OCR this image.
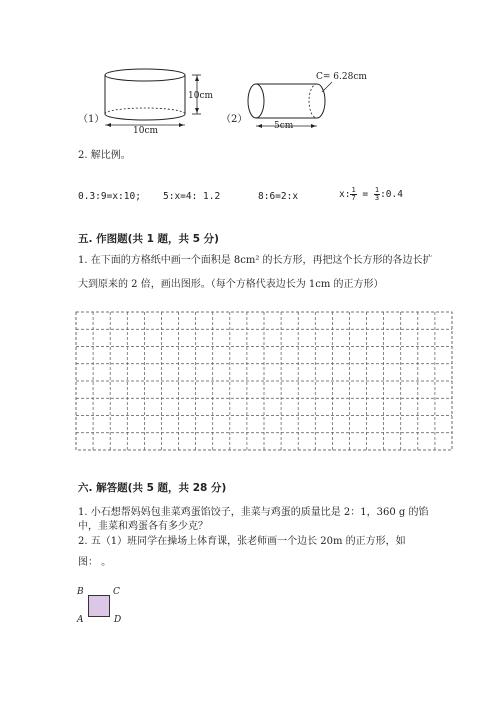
（1）
10cm
10cm
（2）
C= 6.28cm
5cm
2. 解比例。
0.3:9=x:10; 5:x=4: 1.2	8:6=2:x	x: $\frac{1}{7} = \frac{1}{3}$ :0.4
五. 作图题(共 1 题，共 5 分)
1. 在下面的方格纸中画一个面积是 8cm² 的长方形，再把这个长方形的各边长扩
大到原来的 2 倍，画出图形。（每个方格代表边长为 1cm 的正方形）
六. 解答题(共 5 题，共 28 分)
1. 小石想帮妈妈包韭菜鸡蛋馅饺子，韭菜与鸡蛋的质量比是 2：1，360 g 的馅
中，韭菜和鸡蛋各有多少克？
2. 五（1）班同学在操场上体育课，张老师画一个边长 20m 的正方形，如
图： 。
B	C
A	D
